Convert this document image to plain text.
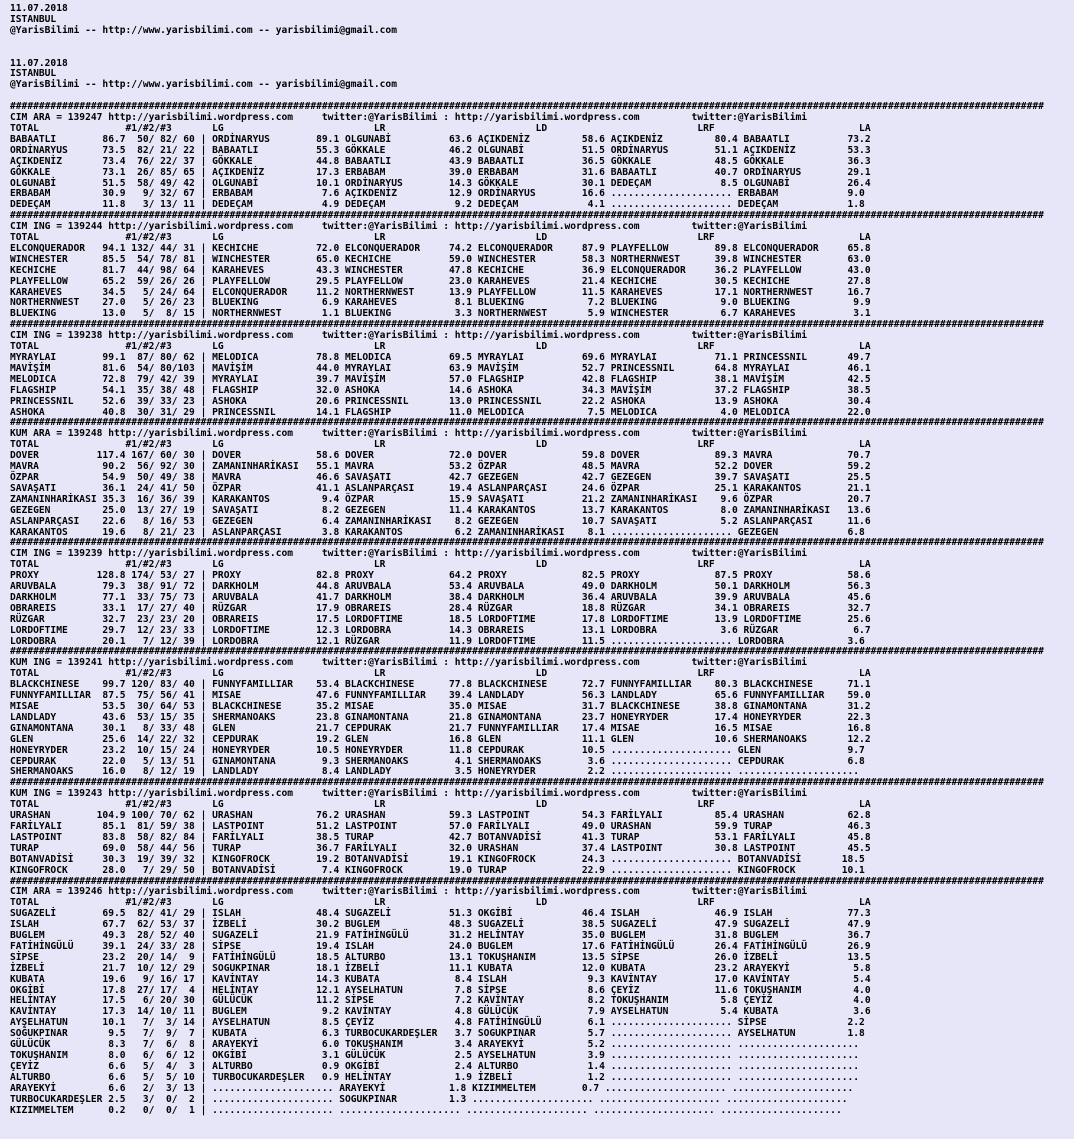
11.07.2018
ISTANBUL
@YarisBilimi -- http://www.yarisbilimi.com -- yarisbilimi@gmail.com

11.07.2018
ISTANBUL
@YarisBilimi -- http://www.yarisbilimi.com -- yarisbilimi@gmail.com

###################################################################################################################################################################################
CIM ARA = 139247 http://yarisbilimi.wordpress.com     twitter:@YarisBilimi : http://yarisbilimi.wordpress.com         twitter:@YarisBilimi
TOTAL               #1/#2/#3       LG                          LR                          LD                          LRF                         LA
BABAATLI        86.7  50/ 82/ 60 | ORDİNARYUS        89.1 OLGUNABİ          63.6 AÇIKDENİZ         58.6 AÇIKDENİZ         80.4 BABAATLI          73.2
ORDİNARYUS      73.5  82/ 21/ 22 | BABAATLI          55.3 GÖKKALE           46.2 OLGUNABİ          51.5 ORDİNARYUS        51.1 AÇIKDENİZ         53.3
AÇIKDENİZ       73.4  76/ 22/ 37 | GÖKKALE           44.8 BABAATLI          43.9 BABAATLI          36.5 GÖKKALE           48.5 GÖKKALE           36.3
GÖKKALE         73.1  26/ 85/ 65 | AÇIKDENİZ         17.3 ERBABAM           39.0 ERBABAM           31.6 BABAATLI          40.7 ORDİNARYUS        29.1
OLGUNABİ        51.5  58/ 49/ 42 | OLGUNABİ          10.1 ORDİNARYUS        14.3 GÖKKALE           30.1 DEDEÇAM            8.5 OLGUNABİ          26.4
ERBABAM         30.9   9/ 32/ 67 | ERBABAM            7.6 AÇIKDENİZ         12.9 ORDİNARYUS        16.6 ..................... ERBABAM            9.0
DEDEÇAM         11.8   3/ 13/ 11 | DEDEÇAM            4.9 DEDEÇAM            9.2 DEDEÇAM            4.1 ..................... DEDEÇAM            1.8
###################################################################################################################################################################################
CIM ING = 139244 http://yarisbilimi.wordpress.com     twitter:@YarisBilimi : http://yarisbilimi.wordpress.com         twitter:@YarisBilimi
TOTAL               #1/#2/#3       LG                          LR                          LD                          LRF                         LA
ELCONQUERADOR   94.1 132/ 44/ 31 | KECHICHE          72.0 ELCONQUERADOR     74.2 ELCONQUERADOR     87.9 PLAYFELLOW        89.8 ELCONQUERADOR     65.8
WINCHESTER      85.5  54/ 78/ 81 | WINCHESTER        65.0 KECHICHE          59.0 WINCHESTER        58.3 NORTHERNWEST      39.8 WINCHESTER        63.0
KECHICHE        81.7  44/ 98/ 64 | KARAHEVES         43.3 WINCHESTER        47.8 KECHICHE          36.9 ELCONQUERADOR     36.2 PLAYFELLOW        43.0
PLAYFELLOW      65.2  59/ 26/ 26 | PLAYFELLOW        29.5 PLAYFELLOW        23.0 KARAHEVES         21.4 KECHICHE          30.5 KECHICHE          27.8
KARAHEVES       34.5   5/ 24/ 64 | ELCONQUERADOR     11.2 NORTHERNWEST      13.9 PLAYFELLOW        11.5 KARAHEVES         17.1 NORTHERNWEST      16.7
NORTHERNWEST    27.0   5/ 26/ 23 | BLUEKING           6.9 KARAHEVES          8.1 BLUEKING           7.2 BLUEKING           9.0 BLUEKING           9.9
BLUEKING        13.0   5/  8/ 15 | NORTHERNWEST       1.1 BLUEKING           3.3 NORTHERNWEST       5.9 WINCHESTER         6.7 KARAHEVES          3.1
###################################################################################################################################################################################
CIM ING = 139238 http://yarisbilimi.wordpress.com     twitter:@YarisBilimi : http://yarisbilimi.wordpress.com         twitter:@YarisBilimi
TOTAL               #1/#2/#3       LG                          LR                          LD                          LRF                         LA
MYRAYLAI        99.1  87/ 80/ 62 | MELODICA          78.8 MELODICA          69.5 MYRAYLAI          69.6 MYRAYLAI          71.1 PRINCESSNIL       49.7
MAVİŞİM         81.6  54/ 80/103 | MAVİŞİM           44.0 MYRAYLAI          63.9 MAVİŞİM           52.7 PRINCESSNIL       64.8 MYRAYLAI          46.1
MELODICA        72.8  79/ 42/ 39 | MYRAYLAI          39.7 MAVİŞİM           57.0 FLAGSHIP          42.8 FLAGSHIP          38.1 MAVİŞİM           42.5
FLAGSHIP        54.1  35/ 38/ 48 | FLAGSHIP          32.0 ASHOKA            14.6 ASHOKA            34.3 MAVİŞİM           37.2 FLAGSHIP          38.5
PRINCESSNIL     52.6  39/ 33/ 23 | ASHOKA            20.6 PRINCESSNIL       13.0 PRINCESSNIL       22.2 ASHOKA            13.9 ASHOKA            30.4
ASHOKA          40.8  30/ 31/ 29 | PRINCESSNIL       14.1 FLAGSHIP          11.0 MELODICA           7.5 MELODICA           4.0 MELODICA          22.0
###################################################################################################################################################################################
KUM ARA = 139248 http://yarisbilimi.wordpress.com     twitter:@YarisBilimi : http://yarisbilimi.wordpress.com         twitter:@YarisBilimi
TOTAL               #1/#2/#3       LG                          LR                          LD                          LRF                         LA
DOVER          117.4 167/ 60/ 30 | DOVER             58.6 DOVER             72.0 DOVER             59.8 DOVER             89.3 MAVRA             70.7
MAVRA           90.2  56/ 92/ 30 | ZAMANINHARİKASI   55.1 MAVRA             53.2 ÖZPAR             48.5 MAVRA             52.2 DOVER             59.2
ÖZPAR           54.9  50/ 49/ 38 | MAVRA             46.6 SAVAŞATI          42.7 GEZEGEN           42.7 GEZEGEN           39.7 SAVAŞATI          25.5
SAVAŞATI        36.1  24/ 41/ 50 | ÖZPAR             41.1 ASLANPARÇASI      19.4 ASLANPARÇASI      24.6 ÖZPAR             25.1 KARAKANTOS        21.1
ZAMANINHARİKASI 35.3  16/ 36/ 39 | KARAKANTOS         9.4 ÖZPAR             15.9 SAVAŞATI          21.2 ZAMANINHARİKASI    9.6 ÖZPAR             20.7
GEZEGEN         25.0  13/ 27/ 19 | SAVAŞATI           8.2 GEZEGEN           11.4 KARAKANTOS        13.7 KARAKANTOS         8.0 ZAMANINHARİKASI   13.6
ASLANPARÇASI    22.6   8/ 16/ 53 | GEZEGEN            6.4 ZAMANINHARİKASI    8.2 GEZEGEN           10.7 SAVAŞATI           5.2 ASLANPARÇASI      11.6
KARAKANTOS      19.6   8/ 21/ 23 | ASLANPARÇASI       3.8 KARAKANTOS         6.2 ZAMANINHARİKASI    8.1 ..................... GEZEGEN            6.8
###################################################################################################################################################################################
CIM ING = 139239 http://yarisbilimi.wordpress.com     twitter:@YarisBilimi : http://yarisbilimi.wordpress.com         twitter:@YarisBilimi
TOTAL               #1/#2/#3       LG                          LR                          LD                          LRF                         LA
PROXY          128.8 174/ 53/ 27 | PROXY             82.8 PROXY             64.2 PROXY             82.5 PROXY             87.5 PROXY             58.6
ARUVBALA        79.3  38/ 91/ 72 | DARKHOLM          44.8 ARUVBALA          53.4 ARUVBALA          49.0 DARKHOLM          50.1 DARKHOLM          56.3
DARKHOLM        77.1  33/ 75/ 73 | ARUVBALA          41.7 DARKHOLM          38.4 DARKHOLM          36.4 ARUVBALA          39.9 ARUVBALA          45.6
OBRAREIS        33.1  17/ 27/ 40 | RÜZGAR            17.9 OBRAREIS          28.4 RÜZGAR            18.8 RÜZGAR            34.1 OBRAREIS          32.7
RÜZGAR          32.7  23/ 23/ 20 | OBRAREIS          17.5 LORDOFTIME        18.5 LORDOFTIME        17.8 LORDOFTIME        13.9 LORDOFTIME        25.6
LORDOFTIME      29.7  12/ 23/ 33 | LORDOFTIME        12.3 LORDOBRA          14.3 OBRAREIS          13.1 LORDOBRA           3.6 RÜZGAR             6.7
LORDOBRA        20.1   7/ 12/ 39 | LORDOBRA          12.1 RÜZGAR            11.9 LORDOFTIME        11.5 ..................... LORDOBRA           3.6
###################################################################################################################################################################################
KUM ING = 139241 http://yarisbilimi.wordpress.com     twitter:@YarisBilimi : http://yarisbilimi.wordpress.com         twitter:@YarisBilimi
TOTAL               #1/#2/#3       LG                          LR                          LD                          LRF                         LA
BLACKCHINESE    99.7 120/ 83/ 40 | FUNNYFAMILLIAR    53.4 BLACKCHINESE      77.8 BLACKCHINESE      72.7 FUNNYFAMILLIAR    80.3 BLACKCHINESE      71.1
FUNNYFAMILLIAR  87.5  75/ 56/ 41 | MISAE             47.6 FUNNYFAMILLIAR    39.4 LANDLADY          56.3 LANDLADY          65.6 FUNNYFAMILLIAR    59.0
MISAE           53.5  30/ 64/ 53 | BLACKCHINESE      35.2 MISAE             35.0 MISAE             31.7 BLACKCHINESE      38.8 GINAMONTANA       31.2
LANDLADY        43.6  53/ 15/ 35 | SHERMANOAKS       23.8 GINAMONTANA       21.8 GINAMONTANA       23.7 HONEYRYDER        17.4 HONEYRYDER        22.3
GINAMONTANA     30.1   8/ 33/ 48 | GLEN              21.7 CEPDURAK          21.7 FUNNYFAMILLIAR    17.4 MISAE             16.5 MISAE             16.8
GLEN            25.6  14/ 22/ 32 | CEPDURAK          19.2 GLEN              16.8 GLEN              11.1 GLEN              10.6 SHERMANOAKS       12.2
HONEYRYDER      23.2  10/ 15/ 24 | HONEYRYDER        10.5 HONEYRYDER        11.8 CEPDURAK          10.5 ..................... GLEN               9.7
CEPDURAK        22.0   5/ 13/ 51 | GINAMONTANA        9.3 SHERMANOAKS        4.1 SHERMANOAKS        3.6 ..................... CEPDURAK           6.8
SHERMANOAKS     16.0   8/ 12/ 19 | LANDLADY           8.4 LANDLADY           3.5 HONEYRYDER         2.2 ..................... .....................
###################################################################################################################################################################################
KUM ING = 139243 http://yarisbilimi.wordpress.com     twitter:@YarisBilimi : http://yarisbilimi.wordpress.com         twitter:@YarisBilimi
TOTAL               #1/#2/#3       LG                          LR                          LD                          LRF                         LA
URASHAN        104.9 100/ 70/ 62 | URASHAN           76.2 URASHAN           59.3 LASTPOINT         54.3 FARİLYALI         85.4 URASHAN           62.8
FARİLYALI       85.1  81/ 59/ 38 | LASTPOINT         51.2 LASTPOINT         57.0 FARİLYALI         49.0 URASHAN           59.9 TURAP             46.3
LASTPOINT       83.8  58/ 82/ 84 | FARİLYALI         38.5 TURAP             42.7 BOTANVADİSİ       41.3 TURAP             53.1 FARİLYALI         45.8
TURAP           69.0  58/ 44/ 56 | TURAP             36.7 FARİLYALI         32.0 URASHAN           37.4 LASTPOINT         30.8 LASTPOINT         45.5
BOTANVADİSİ     30.3  19/ 39/ 32 | KINGOFROCK        19.2 BOTANVADİSİ       19.1 KINGOFROCK        24.3 ..................... BOTANVADİSİ       18.5
KINGOFROCK      28.0   7/ 29/ 50 | BOTANVADİSİ        7.4 KINGOFROCK        19.0 TURAP             22.9 ..................... KINGOFROCK        10.1
###################################################################################################################################################################################
CIM ARA = 139246 http://yarisbilimi.wordpress.com     twitter:@YarisBilimi : http://yarisbilimi.wordpress.com         twitter:@YarisBilimi
TOTAL               #1/#2/#3       LG                          LR                          LD                          LRF                         LA
SUGAZELİ        69.5  82/ 41/ 29 | ISLAH             48.4 SUGAZELİ          51.3 OKGİBİ            46.4 ISLAH             46.9 ISLAH             77.3
ISLAH           67.7  62/ 53/ 37 | İZBELİ            30.2 BUGLEM            48.3 SUGAZELİ          38.5 SUGAZELİ          47.9 SUGAZELİ          47.9
BUGLEM          49.3  28/ 52/ 40 | SUGAZELİ          21.9 FATİHİNGÜLÜ       31.2 HELİNTAY          35.0 BUGLEM            31.8 BUGLEM            36.7
FATİHİNGÜLÜ     39.1  24/ 33/ 28 | SİPSE             19.4 ISLAH             24.0 BUGLEM            17.6 FATİHİNGÜLÜ       26.4 FATİHİNGÜLÜ       26.9
SİPSE           23.2  20/ 14/  9 | FATİHİNGÜLÜ       18.5 ALTURBO           13.1 TOKUŞHANIM        13.5 SİPSE             26.0 İZBELİ            13.5
İZBELİ          21.7  10/ 12/ 29 | SOGUKPINAR        18.1 İZBELİ            11.1 KUBATA            12.0 KUBATA            23.2 ARAYEKYİ           5.8
KUBATA          19.6   9/ 16/ 17 | KAVİNTAY          14.3 KUBATA             8.4 ISLAH              9.3 KAVİNTAY          17.0 KAVİNTAY           5.4
OKGİBİ          17.8  27/ 17/  4 | HELİNTAY          12.1 AYSELHATUN         7.8 SİPSE              8.6 ÇEYİZ             11.6 TOKUŞHANIM         4.0
HELİNTAY        17.5   6/ 20/ 30 | GÜLÜCÜK           11.2 SİPSE              7.2 KAVİNTAY           8.2 TOKUŞHANIM         5.8 ÇEYİZ              4.0
KAVİNTAY        17.3  14/ 10/ 11 | BUGLEM             9.2 KAVİNTAY           4.8 GÜLÜCÜK            7.9 AYSELHATUN         5.4 KUBATA             3.6
AYŞELHATUN      10.1   7/  3/ 14 | AYSELHATUN         8.5 ÇEYİZ              4.8 FATİHİNGÜLÜ        6.1 ..................... SİPSE              2.2
SOĞUKPINAR       9.5   7/  9/  7 | KUBATA             6.3 TURBOCUKARDEŞLER   3.7 SOGUKPINAR         5.7 ..................... AYSELHATUN         1.8
GÜLÜCÜK          8.3   7/  6/  8 | ARAYEKYİ           6.0 TOKUŞHANIM         3.4 ARAYEKYİ           5.2 ..................... .....................
TOKUŞHANIM       8.0   6/  6/ 12 | OKGİBİ             3.1 GÜLÜCÜK            2.5 AYSELHATUN         3.9 ..................... .....................
ÇEYİZ            6.6   5/  4/  3 | ALTURBO            0.9 OKGİBİ             2.4 ALTURBO            1.4 ..................... .....................
ALTURBO          6.6   5/  5/ 10 | TURBOCUKARDEŞLER   0.9 HELİNTAY           1.9 İZBELİ             1.2 ..................... .....................
ARAYEKYİ         6.6   2/  3/ 13 | ..................... ARAYEKYİ           1.8 KIZIMMELTEM        0.7 ..................... .....................
TURBOCUKARDEŞLER 2.5   3/  0/  2 | ..................... SOGUKPINAR         1.3 ..................... ..................... .....................
KIZIMMELTEM      0.2   0/  0/  1 | ..................... ..................... ..................... ..................... .....................
